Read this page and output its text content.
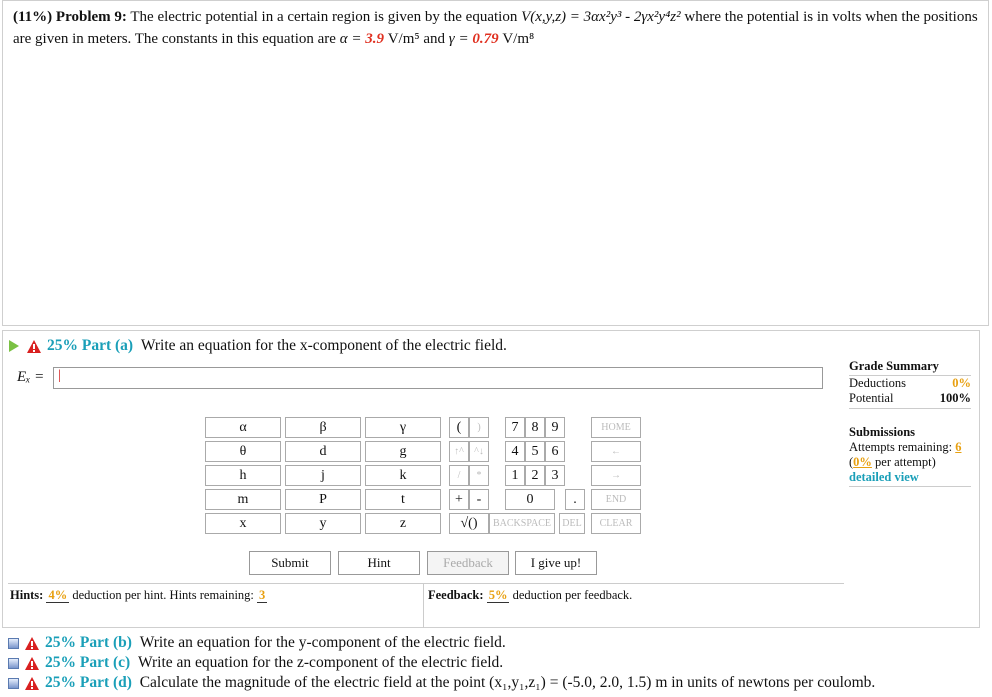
(11%) Problem 9: The electric potential in a certain region is given by the equation V(x,y,z) = 3αx²y³ - 2γx²y⁴z² where the potential is in volts when the positions are given in meters. The constants in this equation are α = 3.9 V/m⁵ and γ = 0.79 V/m⁸
25%
Part (a)
Write an equation for the x-component of the electric field.
Eₓ = |
α	β	γ
θ	d	g
h	j	k
m	P	t
x	y	z
(	)
↑^	^↓
/	*
+ -
√()
7 8 9
4 5 6
1 2 3
0	.
BACKSPACE	DEL
HOME
←
→
END
CLEAR
Submit	Hint	Feedback	I give up!
Hints: 4% deduction per hint. Hints remaining: 3	Feedback: 5% deduction per feedback.
Grade Summary
Deductions	0%
Potential	100%
Submissions
Attempts remaining: 6
(0% per attempt)
detailed view
25%
Part (b)
Write an equation for the y-component of the electric field.
25%
Part (c)
Write an equation for the z-component of the electric field.
25%
Part (d)
Calculate the magnitude of the electric field at the point (x₁,y₁,z₁) = (-5.0, 2.0, 1.5) m in units of newtons per coulomb.
